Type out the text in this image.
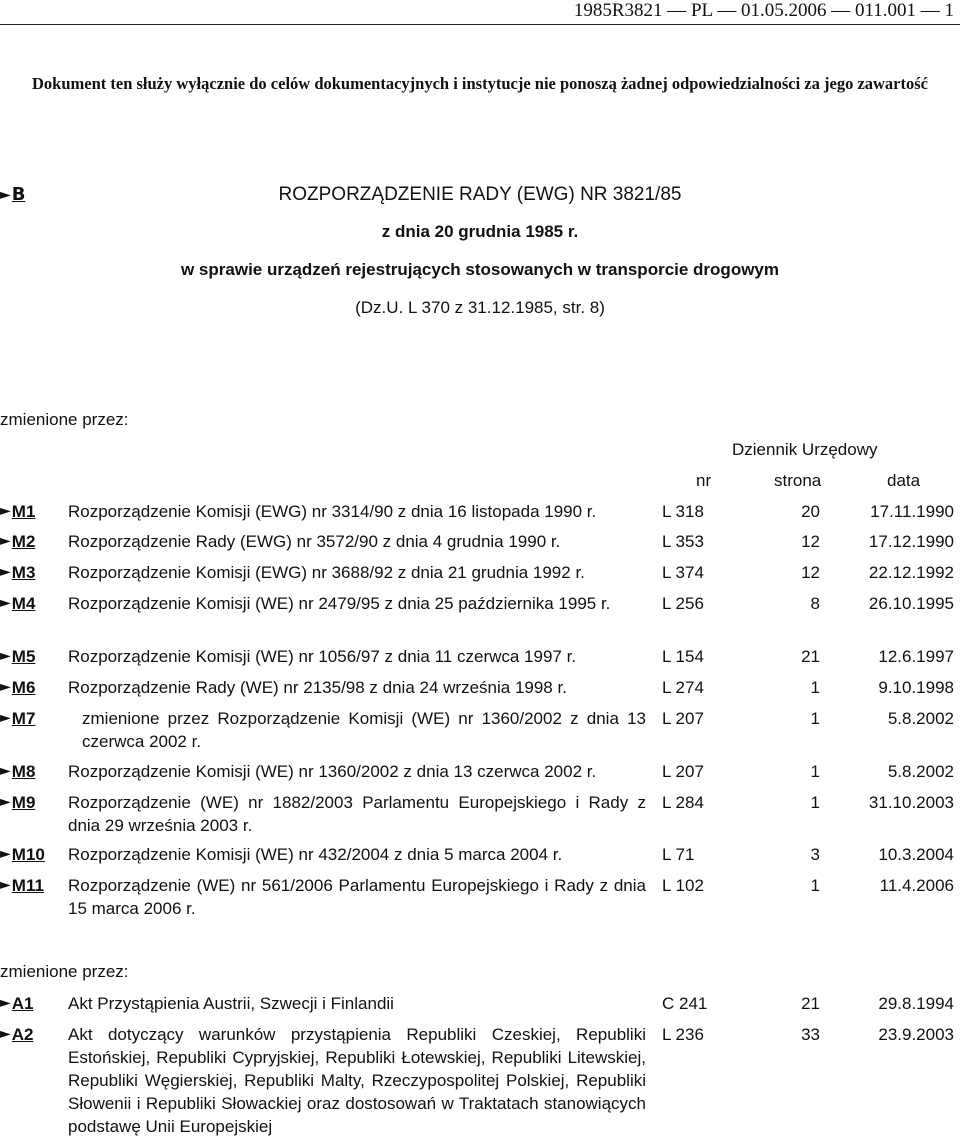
1985R3821 — PL — 01.05.2006 — 011.001 — 1
Dokument ten służy wyłącznie do celów dokumentacyjnych i instytucje nie ponoszą żadnej odpowiedzialności za jego zawartość
► B	ROZPORZĄDZENIE RADY (EWG) NR 3821/85
z dnia 20 grudnia 1985 r.
w sprawie urządzeń rejestrujących stosowanych w transporcie drogowym
(Dz.U. L 370 z 31.12.1985, str. 8)
zmienione przez:
Dziennik Urzędowy
nr	strona	data
► M1 Rozporządzenie Komisji (EWG) nr 3314/90 z dnia 16 listopada 1990 r.	L 318	20	17.11.1990
► M2 Rozporządzenie Rady (EWG) nr 3572/90 z dnia 4 grudnia 1990 r.	L 353	12	17.12.1990
► M3 Rozporządzenie Komisji (EWG) nr 3688/92 z dnia 21 grudnia 1992 r.	L 374	12	22.12.1992
► M4 Rozporządzenie Komisji (WE) nr 2479/95 z dnia 25 października 1995 r.	L 256	8	26.10.1995
► M5 Rozporządzenie Komisji (WE) nr 1056/97 z dnia 11 czerwca 1997 r.	L 154	21	12.6.1997
► M6 Rozporządzenie Rady (WE) nr 2135/98 z dnia 24 września 1998 r.	L 274	1	9.10.1998
► M7	zmienione przez Rozporządzenie Komisji (WE) nr 1360/2002 z dnia 13 czerwca 2002 r.
L 207	1	5.8.2002
► M8 Rozporządzenie Komisji (WE) nr 1360/2002 z dnia 13 czerwca 2002 r.	L 207	1	5.8.2002
► M9 Rozporządzenie (WE) nr 1882/2003 Parlamentu Europejskiego i Rady z dnia 29 września 2003 r.
L 284	1	31.10.2003
► M10 Rozporządzenie Komisji (WE) nr 432/2004 z dnia 5 marca 2004 r.	L 71	3	10.3.2004
► M11 Rozporządzenie (WE) nr 561/2006 Parlamentu Europejskiego i Rady z dnia 15 marca 2006 r.
L 102	1	11.4.2006
zmienione przez:
► A1 Akt Przystąpienia Austrii, Szwecji i Finlandii	C 241	21	29.8.1994
► A2 Akt dotyczący warunków przystąpienia Republiki Czeskiej, Republiki Estońskiej, Republiki Cypryjskiej, Republiki Łotewskiej, Republiki Litewskiej, Republiki Węgierskiej, Republiki Malty, Rzeczypospolitej Polskiej, Republiki Słowenii i Republiki Słowackiej oraz dostosowań w Traktatach stanowiących podstawę Unii Europejskiej
L 236	33	23.9.2003
